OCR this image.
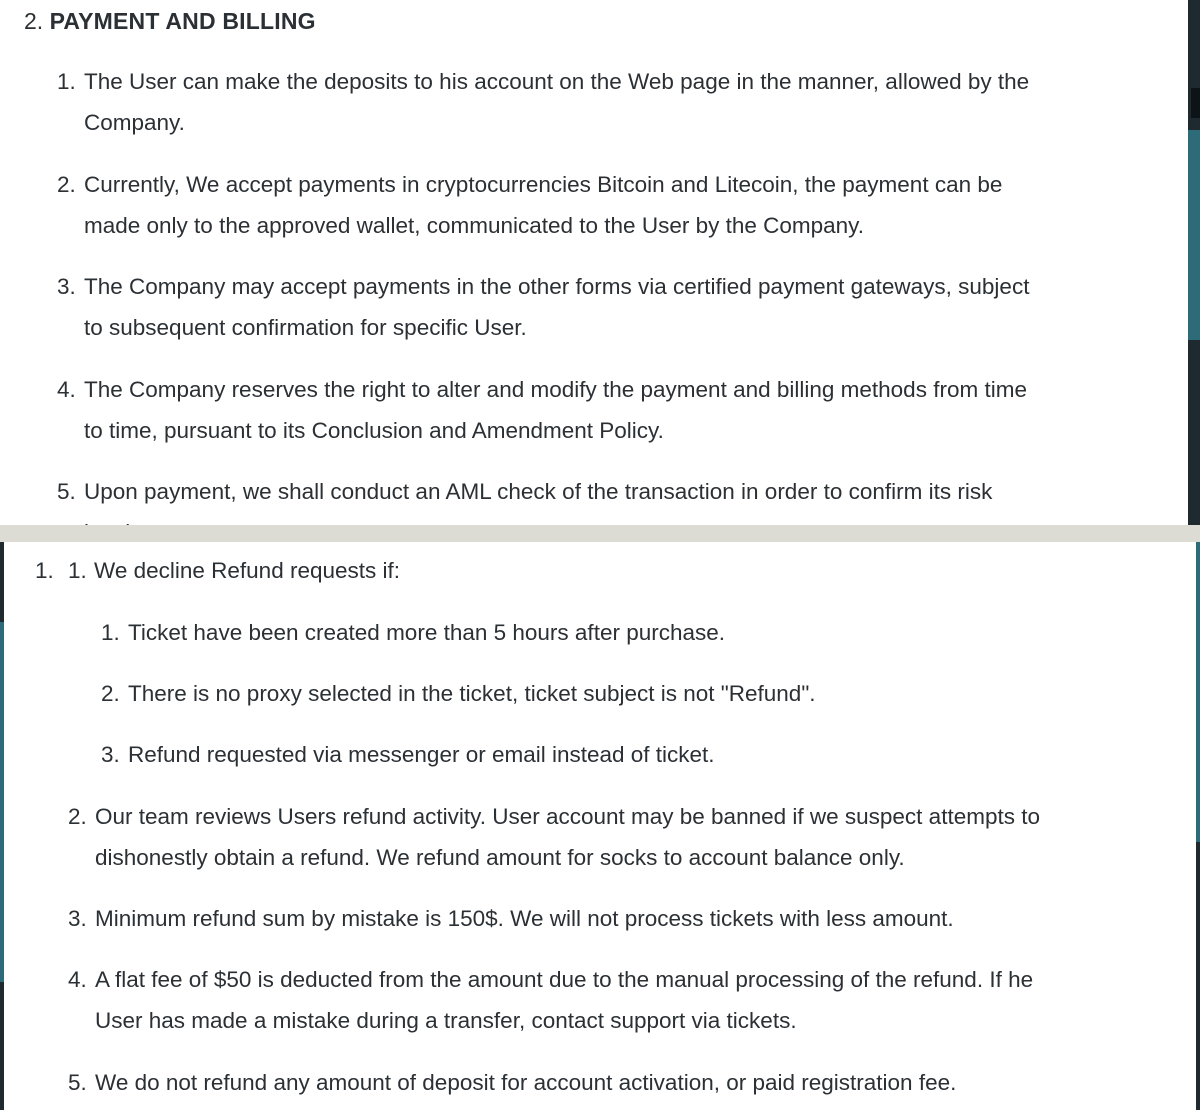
2. PAYMENT AND BILLING
1. The User can make the deposits to his account on the Web page in the manner, allowed by the
Company.
2. Currently, We accept payments in cryptocurrencies Bitcoin and Litecoin, the payment can be
made only to the approved wallet, communicated to the User by the Company.
3. The Company may accept payments in the other forms via certified payment gateways, subject
to subsequent confirmation for specific User.
4. The Company reserves the right to alter and modify the payment and billing methods from time
to time, pursuant to its Conclusion and Amendment Policy.
5. Upon payment, we shall conduct an AML check of the transaction in order to confirm its risk
1. 1. We decline Refund requests if:
1. Ticket have been created more than 5 hours after purchase.
2. There is no proxy selected in the ticket, ticket subject is not "Refund".
3. Refund requested via messenger or email instead of ticket.
2. Our team reviews Users refund activity. User account may be banned if we suspect attempts to
dishonestly obtain a refund. We refund amount for socks to account balance only.
3. Minimum refund sum by mistake is 150$. We will not process tickets with less amount.
4. A flat fee of $50 is deducted from the amount due to the manual processing of the refund. If he
User has made a mistake during a transfer, contact support via tickets.
5. We do not refund any amount of deposit for account activation, or paid registration fee.
